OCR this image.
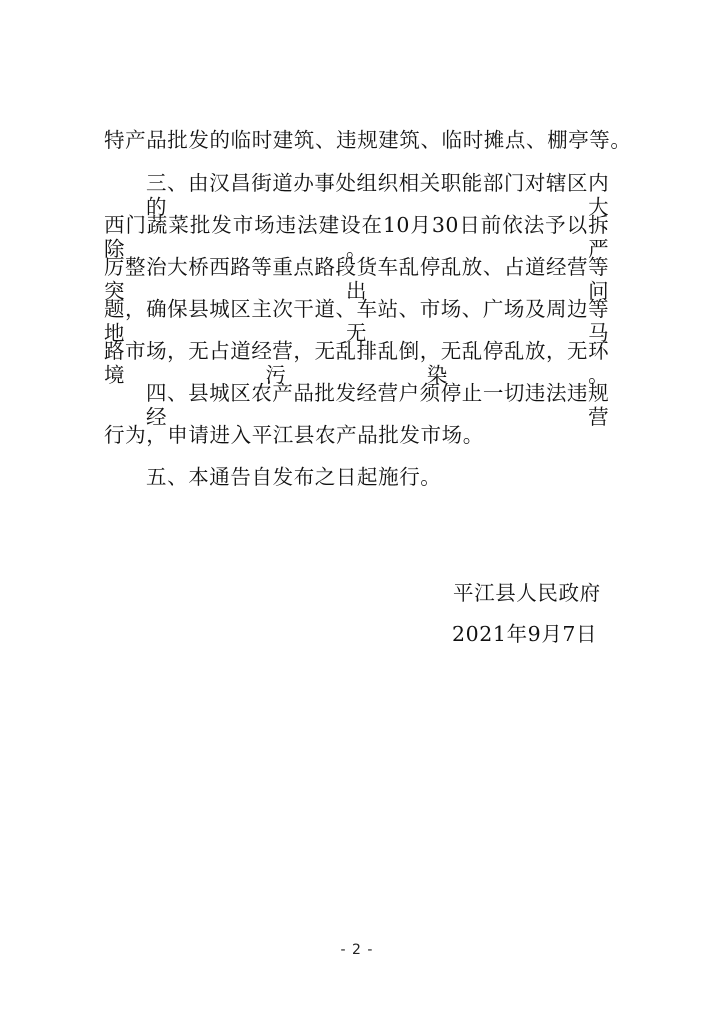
特产品批发的临时建筑、违规建筑、临时摊点、棚亭等。
三、由汉昌街道办事处组织相关职能部门对辖区内的大
西门蔬菜批发市场违法建设在10月30日前依法予以拆除。严
厉整治大桥西路等重点路段货车乱停乱放、占道经营等突出问
题，确保县城区主次干道、车站、市场、广场及周边等地无马
路市场，无占道经营，无乱排乱倒，无乱停乱放，无环境污染。
四、县城区农产品批发经营户须停止一切违法违规经营
行为，申请进入平江县农产品批发市场。
五、本通告自发布之日起施行。
平江县人民政府
2021年9月7日
- 2 -
